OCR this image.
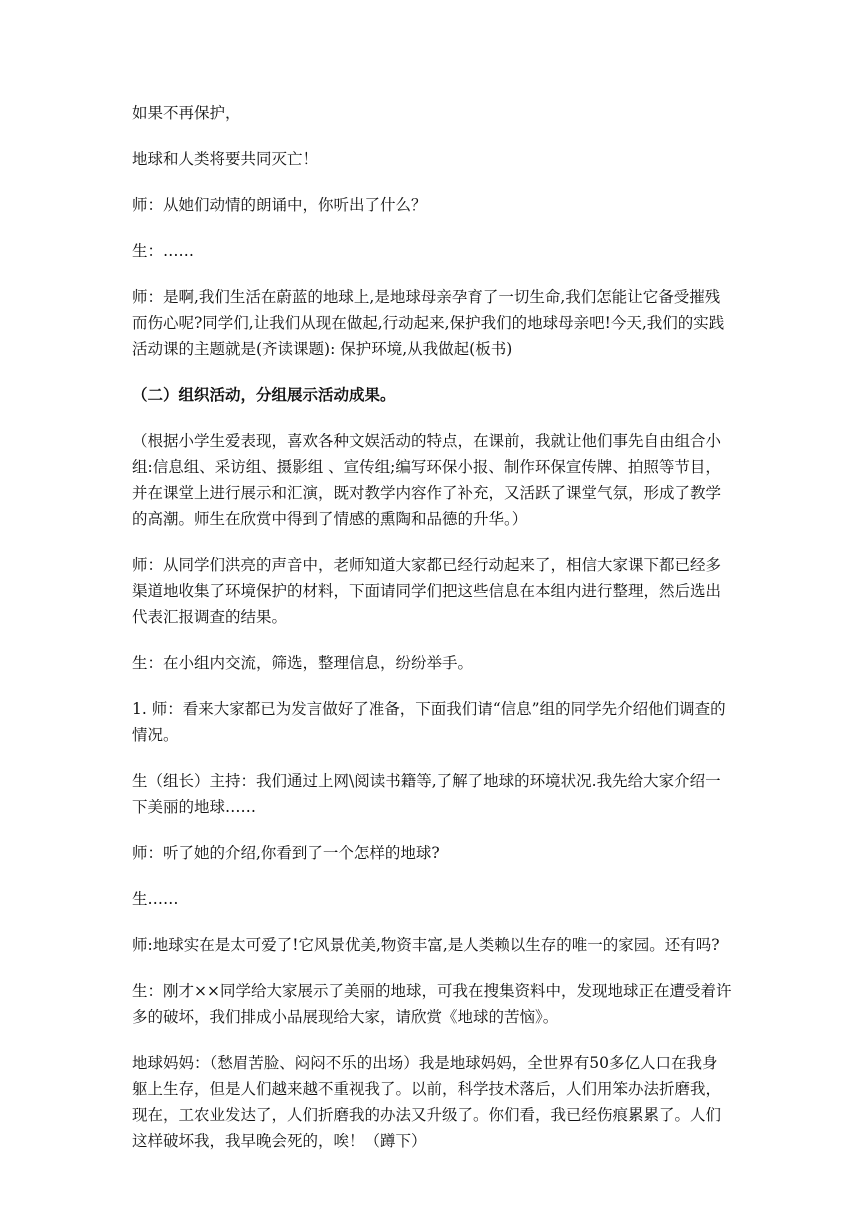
如果不再保护，

地球和人类将要共同灭亡！

师：从她们动情的朗诵中，你听出了什么？

生：……

师：是啊,我们生活在蔚蓝的地球上,是地球母亲孕育了一切生命,我们怎能让它备受摧残而伤心呢?同学们,让我们从现在做起,行动起来,保护我们的地球母亲吧!今天,我们的实践活动课的主题就是(齐读课题): 保护环境,从我做起(板书)

（二）组织活动，分组展示活动成果。

（根据小学生爱表现，喜欢各种文娱活动的特点，在课前，我就让他们事先自由组合小组:信息组、采访组、摄影组 、宣传组;编写环保小报、制作环保宣传牌、拍照等节目，并在课堂上进行展示和汇演，既对教学内容作了补充，又活跃了课堂气氛，形成了教学的高潮。师生在欣赏中得到了情感的熏陶和品德的升华。）

师：从同学们洪亮的声音中，老师知道大家都已经行动起来了，相信大家课下都已经多渠道地收集了环境保护的材料，下面请同学们把这些信息在本组内进行整理，然后选出代表汇报调查的结果。

生：在小组内交流，筛选，整理信息，纷纷举手。

1. 师：看来大家都已为发言做好了准备，下面我们请“信息”组的同学先介绍他们调查的情况。

生（组长）主持：我们通过上网\阅读书籍等,了解了地球的环境状况.我先给大家介绍一下美丽的地球……

师：听了她的介绍,你看到了一个怎样的地球?

生……

师:地球实在是太可爱了!它风景优美,物资丰富,是人类赖以生存的唯一的家园。还有吗?

生：刚才××同学给大家展示了美丽的地球，可我在搜集资料中，发现地球正在遭受着许多的破坏，我们排成小品展现给大家，请欣赏《地球的苦恼》。

地球妈妈：（愁眉苦脸、闷闷不乐的出场）我是地球妈妈，全世界有50多亿人口在我身躯上生存，但是人们越来越不重视我了。以前，科学技术落后，人们用笨办法折磨我，现在，工农业发达了，人们折磨我的办法又升级了。你们看，我已经伤痕累累了。人们这样破坏我，我早晚会死的，唉！（蹲下）
